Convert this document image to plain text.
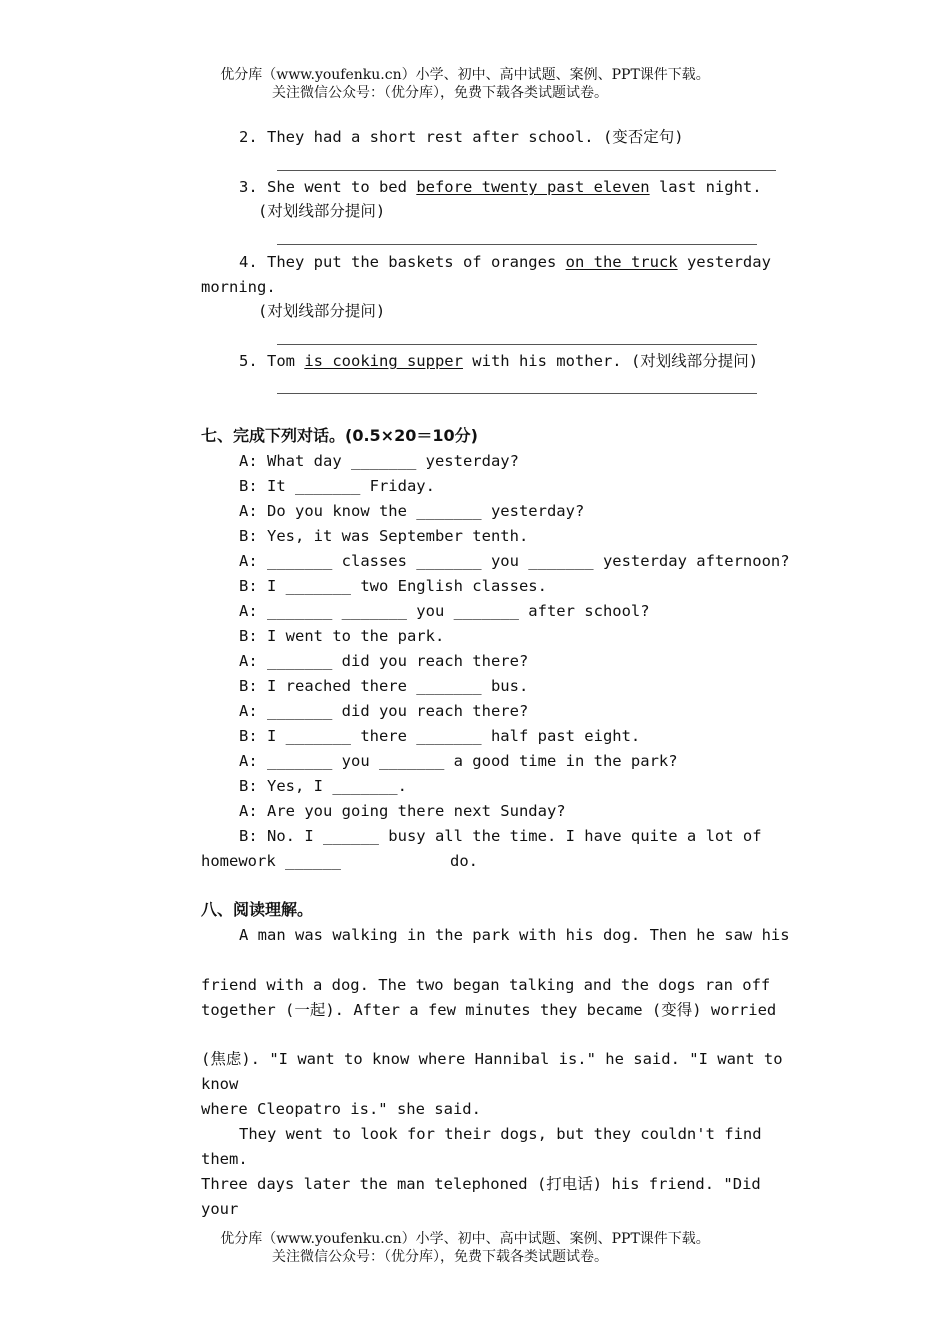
优分库（www.youfenku.cn）小学、初中、高中试题、案例、PPT课件下载。
关注微信公众号：（优分库），免费下载各类试题试卷。
2. They had a short rest after school. (变否定句)
3. She went to bed before twenty past eleven last night.
(对划线部分提问)
4. They put the baskets of oranges on the truck yesterday
morning.
(对划线部分提问)
5. Tom is cooking supper with his mother. (对划线部分提问)
七、完成下列对话。(0.5×20＝10分)
A: What day _______ yesterday?
B: It _______ Friday.
A: Do you know the _______ yesterday?
B: Yes, it was September tenth.
A: _______ classes _______ you _______ yesterday afternoon?
B: I _______ two English classes.
A: _______ _______ you _______ after school?
B: I went to the park.
A: _______ did you reach there?
B: I reached there _______ bus.
A: _______ did you reach there?
B: I _______ there _______ half past eight.
A: _______ you _______ a good time in the park?
B: Yes, I _______.
A: Are you going there next Sunday?
B: No. I ______ busy all the time. I have quite a lot of
homework ______	do.
八、阅读理解。
A man was walking in the park with his dog. Then he saw his
friend with a dog. The two began talking and the dogs ran off
together (一起). After a few minutes they became (变得) worried
(焦虑). "I want to know where Hannibal is." he said. "I want to
know
where Cleopatro is." she said.
They went to look for their dogs, but they couldn't find
them.
Three days later the man telephoned (打电话) his friend. "Did
your
优分库（www.youfenku.cn）小学、初中、高中试题、案例、PPT课件下载。
关注微信公众号：（优分库），免费下载各类试题试卷。
